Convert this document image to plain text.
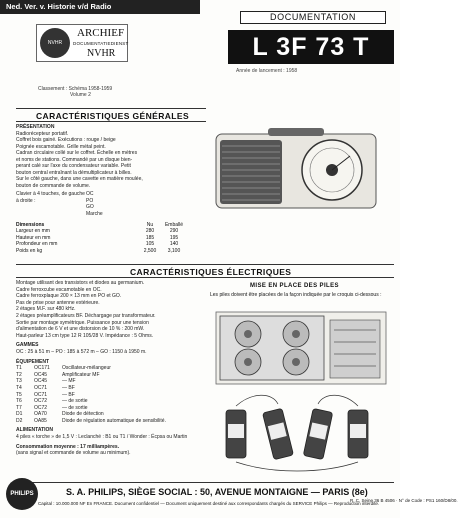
Ned. Ver. v. Historie v/d Radio
NVHR
ARCHIEF
DOCUMENTATIEDIENST
NVHR
DOCUMENTATION
L 3F 73 T
Année de lancement : 1958
Classement : Schéma 1958-1959
Volume 2
CARACTÉRISTIQUES GÉNÉRALES
PRÉSENTATION
Radiorécepteur portatif.
Coffret bois gainé. Exécutions : rouge / beige
Poignée escamotable. Grille métal peint.
Cadran circulaire collé sur le coffret. Échelle en mètres
et noms de stations. Commandé par un disque bien-
perant calé sur l'axe du condensateur variable. Petit
bouton central entraînant la démultiplicateur à billes.
Sur le côté gauche, dans une cavette en matière moulée,
bouton de commande de volume.
Clavier à 4 touches, de gauche à droite :
OC
PO
GO
Marche
Dimensions	Nu	Emballé
Largeur en mm	280	290
Hauteur en mm	185	195
Profondeur en mm	105	140
Poids en kg	2,500	3,100
CARACTÉRISTIQUES ÉLECTRIQUES
Montage utilisant des transistors et diodes au germanium.
Cadre ferroxcube escamotable en OC.
Cadre ferroxplaque 200 × 13 mm en PO et GO.
Pas de prise pour antenne extérieure.
2 étages M.F. sur 480 kHz.
2 étages préamplificateurs BF. Déchargage par transformateur.
Sortie par montage symétrique. Puissance pour une tension
d'alimentation de 6 V et une distorsion de 10 % : 200 mW.
Haut-parleur 13 cm type 12 R 105/28 V. Impédance : 5 Ohms.
GAMMES
OC : 25 à 51 m – PO : 185 à 572 m – GO : 1150 à 1950 m.
ÉQUIPEMENT
T1	OC171	Oscillateur-mélangeur
T2	OC45	Amplificateur MF
T3	OC45	— MF
T4	OC71	— BF
T5	OC71	— BF
T6	OC72	— de sortie
T7	OC72	— de sortie
D1	OA70	Diode de détection
D2	OA85	Diode de régulation automatique de sensibilité.
ALIMENTATION
4 piles « torche » de 1,5 V : Leclanché : B1 ou T1 / Wonder : Écpsa ou Martin
Consommation moyenne : 17 milliampères.
(sans signal et commande de volume au minimum).
MISE EN PLACE DES PILES
Les piles doivent être placées de la façon indiquée par le croquis ci-dessous :
PHILIPS	S. A. PHILIPS, SIÈGE SOCIAL : 50, AVENUE MONTAIGNE — PARIS (8e)
Capital : 10.000.000 NF En FRANCE. Document confidentiel — Document uniquement destiné aux correspondants chargés du SERVICE Philips — Reproduction interdite.
R. C. Seine 36 B 4506 · N° de Code : PS1 160/D8/00.
